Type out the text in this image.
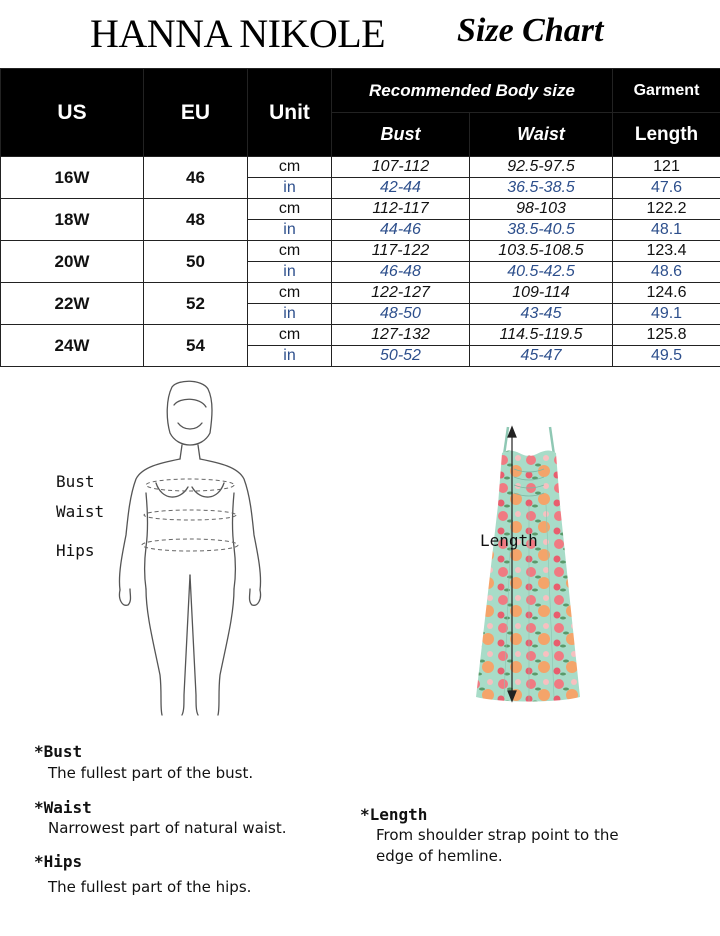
HANNA NIKOLE Size Chart
US	EU	Unit	Recommended Body size		Garment
			Bust	Waist	Length
16W	46	cm	107-112	92.5-97.5	121
		in	42-44	36.5-38.5	47.6
18W	48	cm	112-117	98-103	122.2
		in	44-46	38.5-40.5	48.1
20W	50	cm	117-122	103.5-108.5	123.4
		in	46-48	40.5-42.5	48.6
22W	52	cm	122-127	109-114	124.6
		in	48-50	43-45	49.1
24W	54	cm	127-132	114.5-119.5	125.8
		in	50-52	45-47	49.5
Bust
Waist
Hips
Length
*Bust
The fullest part of the bust.
*Waist
Narrowest part of natural waist.
*Hips
The fullest part of the hips.
*Length
From shoulder strap point to the
edge of hemline.
